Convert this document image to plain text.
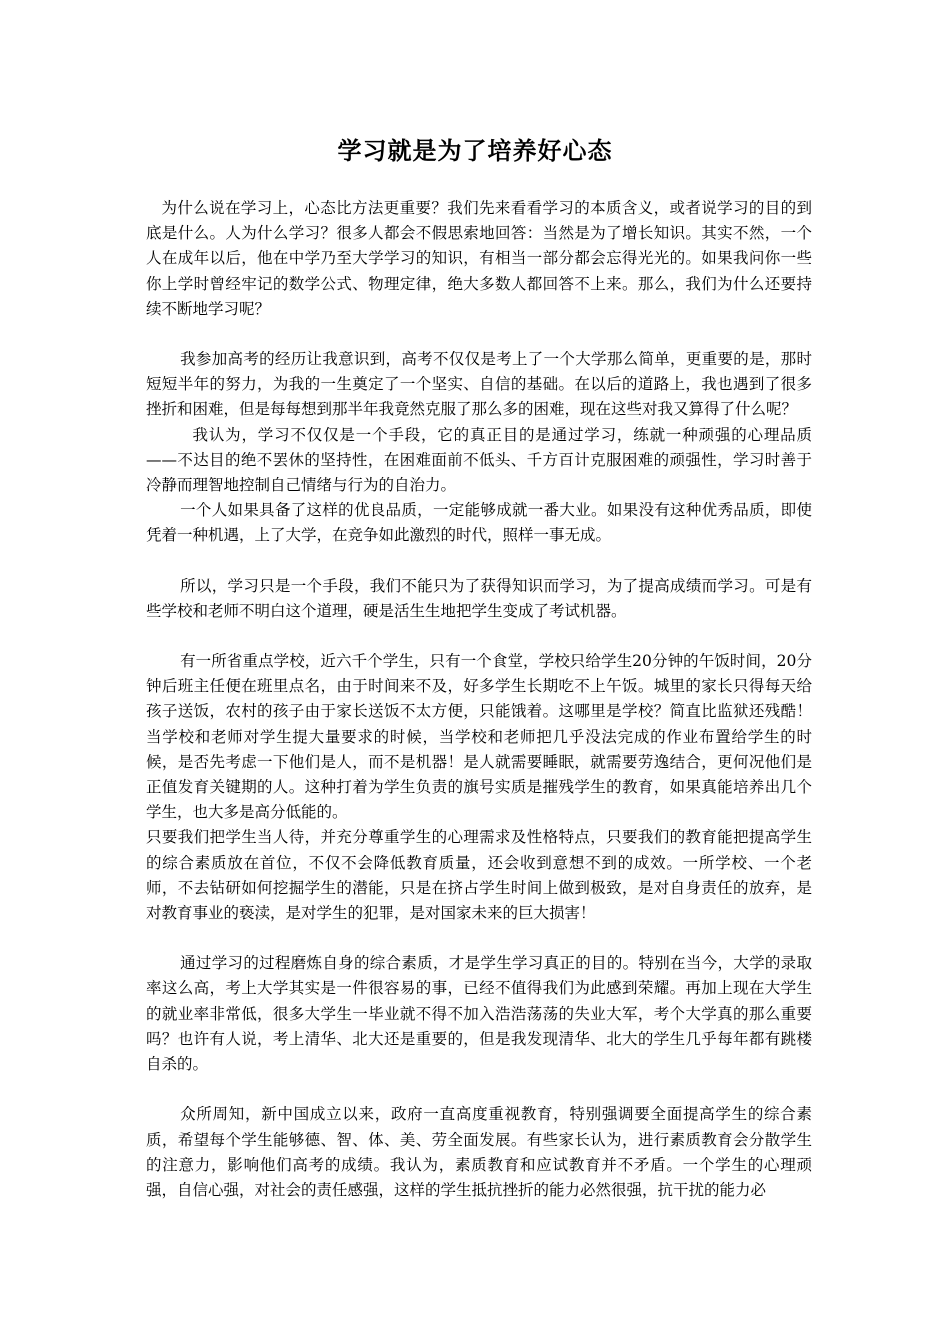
学习就是为了培养好心态

为什么说在学习上，心态比方法更重要？我们先来看看学习的本质含义，或者说学习的目的到底是什么。人为什么学习？很多人都会不假思索地回答：当然是为了增长知识。其实不然，一个人在成年以后，他在中学乃至大学学习的知识，有相当一部分都会忘得光光的。如果我问你一些你上学时曾经牢记的数学公式、物理定律，绝大多数人都回答不上来。那么，我们为什么还要持续不断地学习呢？

我参加高考的经历让我意识到，高考不仅仅是考上了一个大学那么简单，更重要的是，那时短短半年的努力，为我的一生奠定了一个坚实、自信的基础。在以后的道路上，我也遇到了很多挫折和困难，但是每每想到那半年我竟然克服了那么多的困难，现在这些对我又算得了什么呢？

我认为，学习不仅仅是一个手段，它的真正目的是通过学习，练就一种顽强的心理品质——不达目的绝不罢休的坚持性，在困难面前不低头、千方百计克服困难的顽强性，学习时善于冷静而理智地控制自己情绪与行为的自治力。

一个人如果具备了这样的优良品质，一定能够成就一番大业。如果没有这种优秀品质，即使凭着一种机遇，上了大学，在竞争如此激烈的时代，照样一事无成。

所以，学习只是一个手段，我们不能只为了获得知识而学习，为了提高成绩而学习。可是有些学校和老师不明白这个道理，硬是活生生地把学生变成了考试机器。

有一所省重点学校，近六千个学生，只有一个食堂，学校只给学生20分钟的午饭时间，20分钟后班主任便在班里点名，由于时间来不及，好多学生长期吃不上午饭。城里的家长只得每天给孩子送饭，农村的孩子由于家长送饭不太方便，只能饿着。这哪里是学校？简直比监狱还残酷！当学校和老师对学生提大量要求的时候，当学校和老师把几乎没法完成的作业布置给学生的时候，是否先考虑一下他们是人，而不是机器！是人就需要睡眠，就需要劳逸结合，更何况他们是正值发育关键期的人。这种打着为学生负责的旗号实质是摧残学生的教育，如果真能培养出几个学生，也大多是高分低能的。

只要我们把学生当人待，并充分尊重学生的心理需求及性格特点，只要我们的教育能把提高学生的综合素质放在首位，不仅不会降低教育质量，还会收到意想不到的成效。一所学校、一个老师，不去钻研如何挖掘学生的潜能，只是在挤占学生时间上做到极致，是对自身责任的放弃，是对教育事业的亵渎，是对学生的犯罪，是对国家未来的巨大损害！

通过学习的过程磨炼自身的综合素质，才是学生学习真正的目的。特别在当今，大学的录取率这么高，考上大学其实是一件很容易的事，已经不值得我们为此感到荣耀。再加上现在大学生的就业率非常低，很多大学生一毕业就不得不加入浩浩荡荡的失业大军，考个大学真的那么重要吗？也许有人说，考上清华、北大还是重要的，但是我发现清华、北大的学生几乎每年都有跳楼自杀的。

众所周知，新中国成立以来，政府一直高度重视教育，特别强调要全面提高学生的综合素质，希望每个学生能够德、智、体、美、劳全面发展。有些家长认为，进行素质教育会分散学生的注意力，影响他们高考的成绩。我认为，素质教育和应试教育并不矛盾。一个学生的心理顽强，自信心强，对社会的责任感强，这样的学生抵抗挫折的能力必然很强，抗干扰的能力必
